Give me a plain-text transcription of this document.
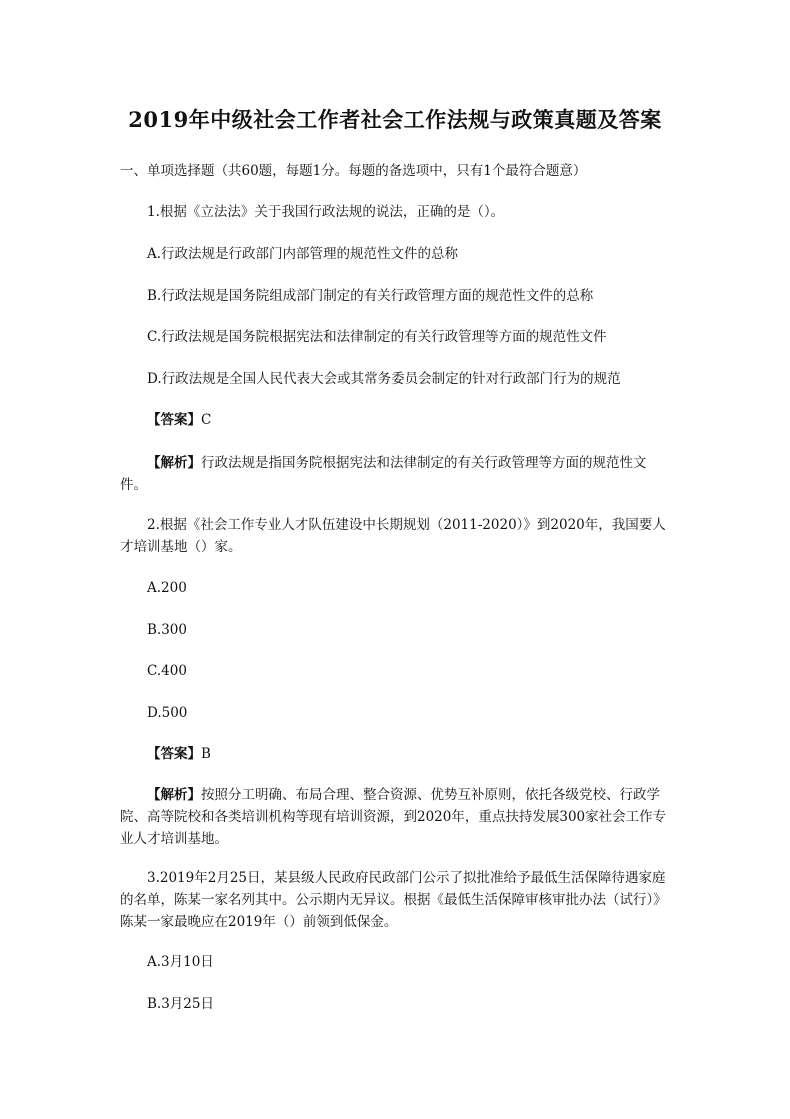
2019年中级社会工作者社会工作法规与政策真题及答案

一、单项选择题（共60题，每题1分。每题的备选项中，只有1个最符合题意）

1.根据《立法法》关于我国行政法规的说法，正确的是（）。

A.行政法规是行政部门内部管理的规范性文件的总称

B.行政法规是国务院组成部门制定的有关行政管理方面的规范性文件的总称

C.行政法规是国务院根据宪法和法律制定的有关行政管理等方面的规范性文件

D.行政法规是全国人民代表大会或其常务委员会制定的针对行政部门行为的规范

【答案】C

【解析】行政法规是指国务院根据宪法和法律制定的有关行政管理等方面的规范性文件。

2.根据《社会工作专业人才队伍建设中长期规划（2011-2020）》到2020年，我国要人才培训基地（）家。

A.200

B.300

C.400

D.500

【答案】B

【解析】按照分工明确、布局合理、整合资源、优势互补原则，依托各级党校、行政学院、高等院校和各类培训机构等现有培训资源，到2020年，重点扶持发展300家社会工作专业人才培训基地。

3.2019年2月25日，某县级人民政府民政部门公示了拟批准给予最低生活保障待遇家庭的名单，陈某一家名列其中。公示期内无异议。根据《最低生活保障审核审批办法（试行）》陈某一家最晚应在2019年（）前领到低保金。

A.3月10日

B.3月25日
